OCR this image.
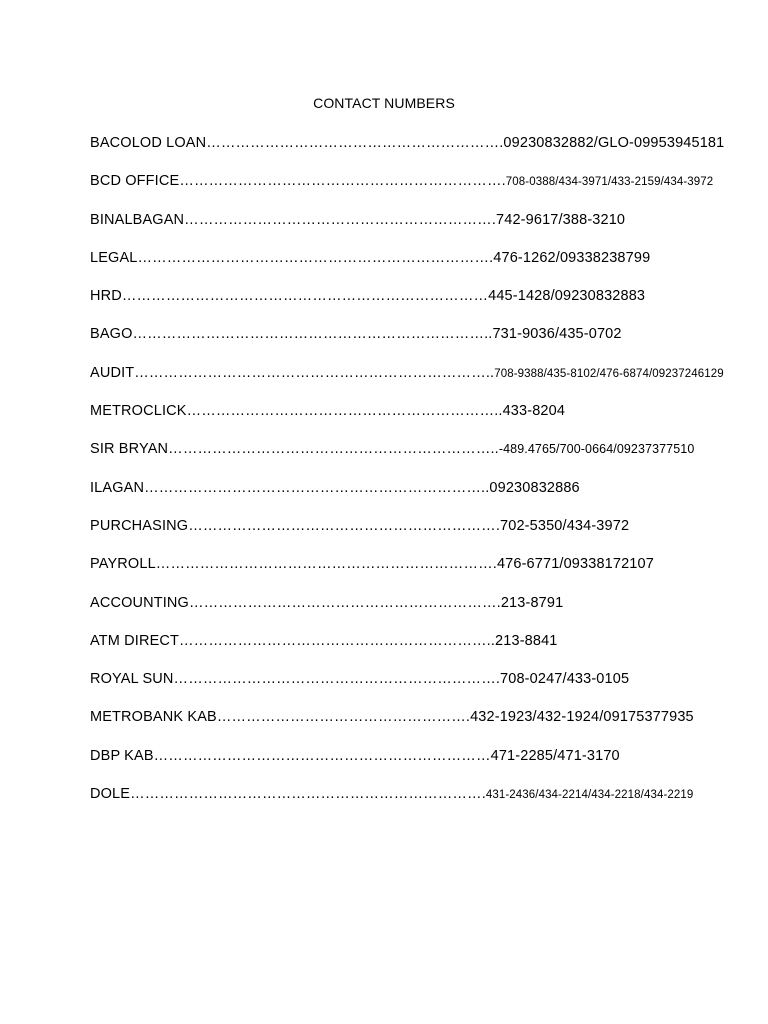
CONTACT NUMBERS
BACOLOD LOAN…………………………………………………….09230832882/GLO-09953945181
BCD OFFICE………………………………………………………….708-0388/434-3971/433-2159/434-3972
BINALBAGAN……………………………………………………….742-9617/388-3210
LEGAL……………………………………………………………….476-1262/09338238799
HRD…………………………………………………………………445-1428/09230832883
BAGO………………………………………………………………..731-9036/435-0702
AUDIT………………………………………………………………..708-9388/435-8102/476-6874/09237246129
METROCLICK………………………………………………………..433-8204
SIR BRYAN…………………………………………………………..-489.4765/700-0664/09237377510
ILAGAN……………………………………………………………..09230832886
PURCHASING……………………………………………………….702-5350/434-3972
PAYROLL…………………………………………………………….476-6771/09338172107
ACCOUNTING……………………………………………………….213-8791
ATM DIRECT………………………………………………………..213-8841
ROYAL SUN………………………………………………………….708-0247/433-0105
METROBANK KAB…………………………………………….432-1923/432-1924/09175377935
DBP KAB……………………………………………………………471-2285/471-3170
DOLE……………………………………………………………….431-2436/434-2214/434-2218/434-2219
